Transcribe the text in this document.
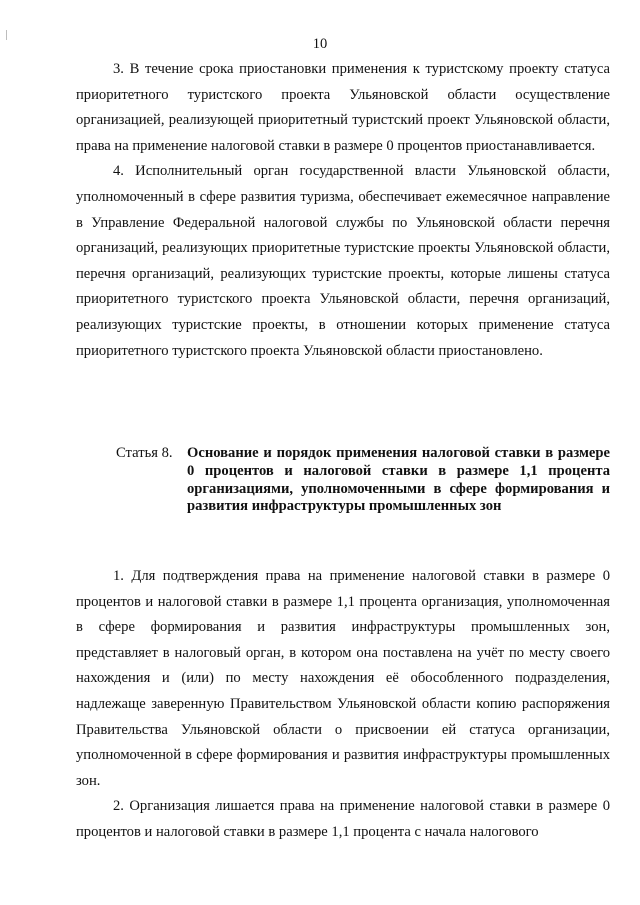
10

3. В течение срока приостановки применения к туристскому проекту статуса приоритетного туристского проекта Ульяновской области осуществление организацией, реализующей приоритетный туристский проект Ульяновской области, права на применение налоговой ставки в размере 0 процентов приостанавливается.

4. Исполнительный орган государственной власти Ульяновской области, уполномоченный в сфере развития туризма, обеспечивает ежемесячное направление в Управление Федеральной налоговой службы по Ульяновской области перечня организаций, реализующих приоритетные туристские проекты Ульяновской области, перечня организаций, реализующих туристские проекты, которые лишены статуса приоритетного туристского проекта Ульяновской области, перечня организаций, реализующих туристские проекты, в отношении которых применение статуса приоритетного туристского проекта Ульяновской области приостановлено.

Статья 8. Основание и порядок применения налоговой ставки в размере 0 процентов и налоговой ставки в размере 1,1 процента организациями, уполномоченными в сфере формирования и развития инфраструктуры промышленных зон

1. Для подтверждения права на применение налоговой ставки в размере 0 процентов и налоговой ставки в размере 1,1 процента организация, уполномоченная в сфере формирования и развития инфраструктуры промышленных зон, представляет в налоговый орган, в котором она поставлена на учёт по месту своего нахождения и (или) по месту нахождения её обособленного подразделения, надлежаще заверенную Правительством Ульяновской области копию распоряжения Правительства Ульяновской области о присвоении ей статуса организации, уполномоченной в сфере формирования и развития инфраструктуры промышленных зон.

2. Организация лишается права на применение налоговой ставки в размере 0 процентов и налоговой ставки в размере 1,1 процента с начала налогового
